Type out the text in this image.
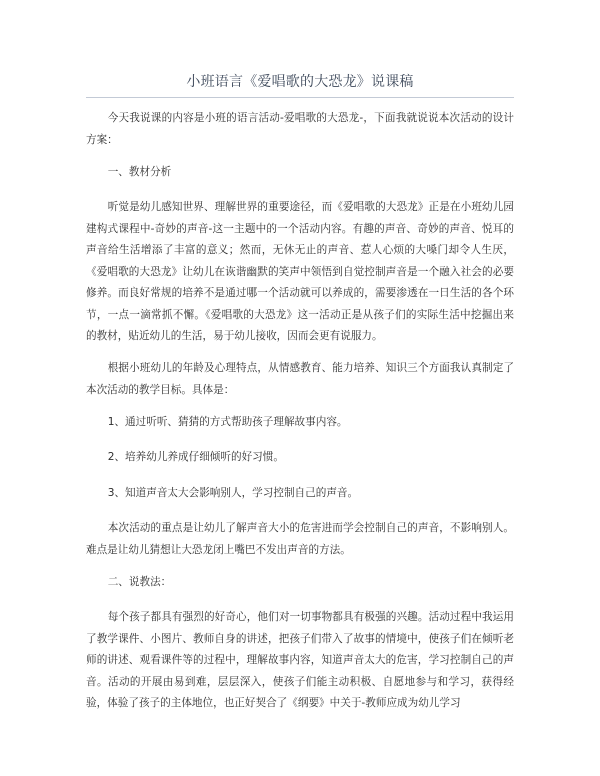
小班语言《爱唱歌的大恐龙》说课稿

今天我说课的内容是小班的语言活动-爱唱歌的大恐龙-，下面我就说说本次活动的设计方案：

一、教材分析

听觉是幼儿感知世界、理解世界的重要途径，而《爱唱歌的大恐龙》正是在小班幼儿园建构式课程中-奇妙的声音-这一主题中的一个活动内容。有趣的声音、奇妙的声音、悦耳的声音给生活增添了丰富的意义；然而，无休无止的声音、惹人心烦的大嗓门却令人生厌，《爱唱歌的大恐龙》让幼儿在诙谐幽默的笑声中领悟到自觉控制声音是一个融入社会的必要修养。而良好常规的培养不是通过哪一个活动就可以养成的，需要渗透在一日生活的各个环节，一点一滴常抓不懈。《爱唱歌的大恐龙》这一活动正是从孩子们的实际生活中挖掘出来的教材，贴近幼儿的生活，易于幼儿接收，因而会更有说服力。

根据小班幼儿的年龄及心理特点，从情感教育、能力培养、知识三个方面我认真制定了本次活动的教学目标。具体是：

1、通过听听、猜猜的方式帮助孩子理解故事内容。

2、培养幼儿养成仔细倾听的好习惯。

3、知道声音太大会影响别人，学习控制自己的声音。

本次活动的重点是让幼儿了解声音大小的危害进而学会控制自己的声音，不影响别人。难点是让幼儿猜想让大恐龙闭上嘴巴不发出声音的方法。

二、说教法：

每个孩子都具有强烈的好奇心，他们对一切事物都具有极强的兴趣。活动过程中我运用了教学课件、小图片、教师自身的讲述，把孩子们带入了故事的情境中，使孩子们在倾听老师的讲述、观看课件等的过程中，理解故事内容，知道声音太大的危害，学习控制自己的声音。活动的开展由易到难，层层深入，使孩子们能主动积极、自愿地参与和学习，获得经验，体验了孩子的主体地位，也正好契合了《纲要》中关于-教师应成为幼儿学习
